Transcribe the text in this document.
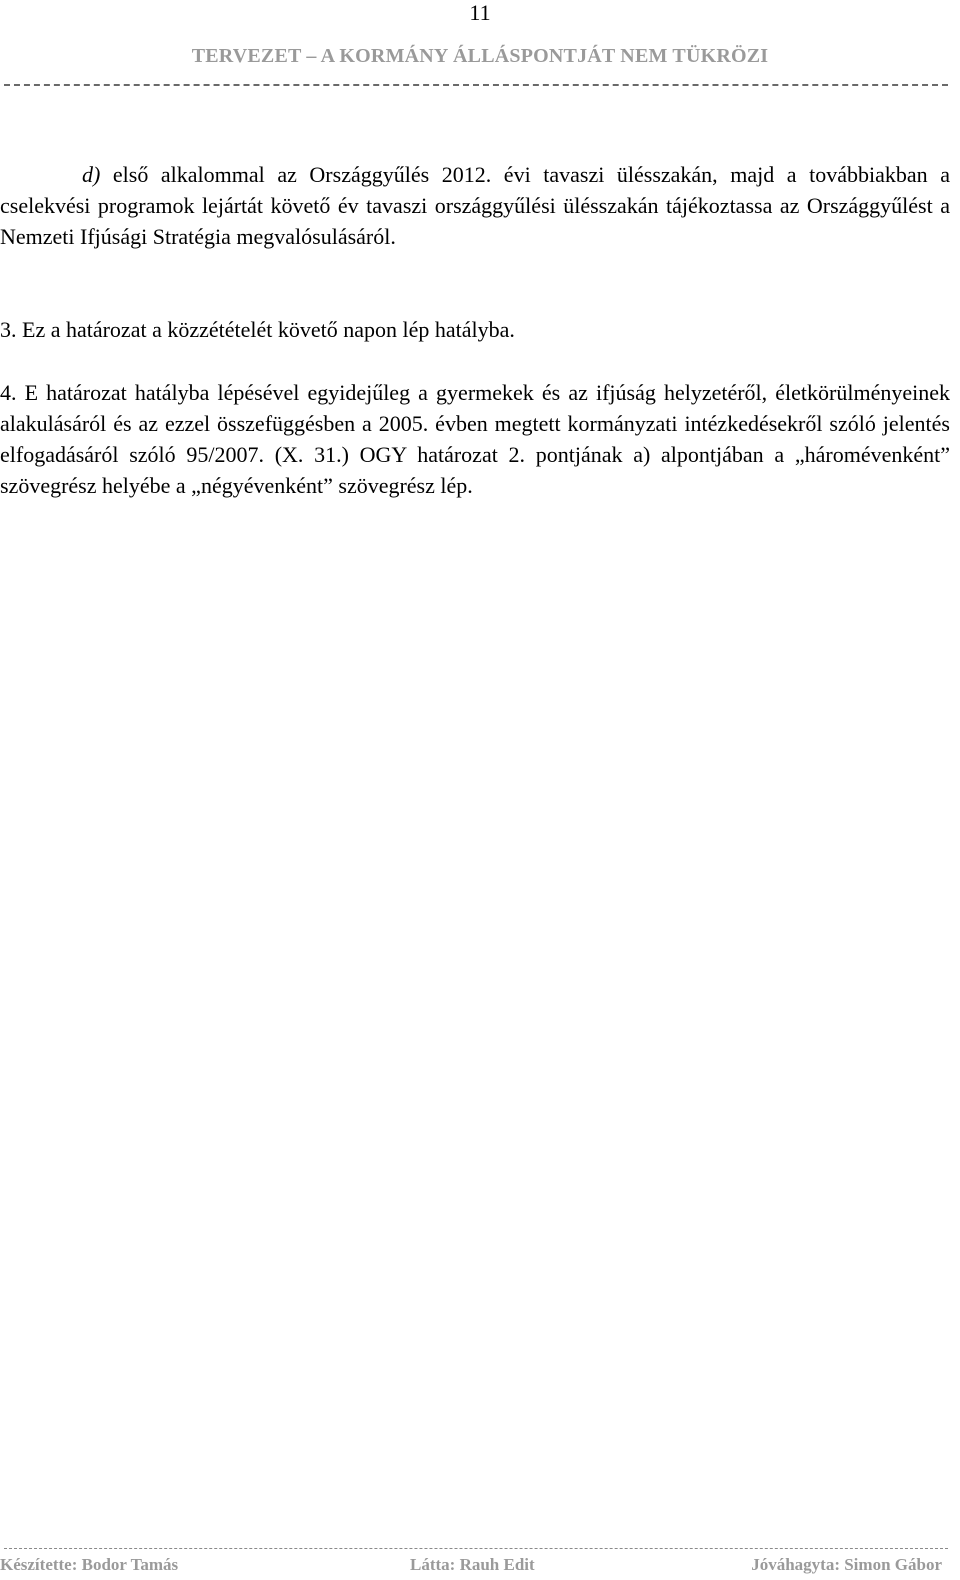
11
TERVEZET – A KORMÁNY ÁLLÁSPONTJÁT NEM TÜKRÖZI

d) első alkalommal az Országgyűlés 2012. évi tavaszi ülésszakán, majd a továbbiakban a cselekvési programok lejártát követő év tavaszi országgyűlési ülésszakán tájékoztassa az Országgyűlést a Nemzeti Ifjúsági Stratégia megvalósulásáról.

3. Ez a határozat a közzétételét követő napon lép hatályba.

4. E határozat hatályba lépésével egyidejűleg a gyermekek és az ifjúság helyzetéről, életkörülményeinek alakulásáról és az ezzel összefüggésben a 2005. évben megtett kormányzati intézkedésekről szóló jelentés elfogadásáról szóló 95/2007. (X. 31.) OGY határozat 2. pontjának a) alpontjában a „háromévenként” szövegrész helyébe a „négyévenként” szövegrész lép.

Készítette: Bodor Tamás	Látta: Rauh Edit	Jóváhagyta: Simon Gábor
